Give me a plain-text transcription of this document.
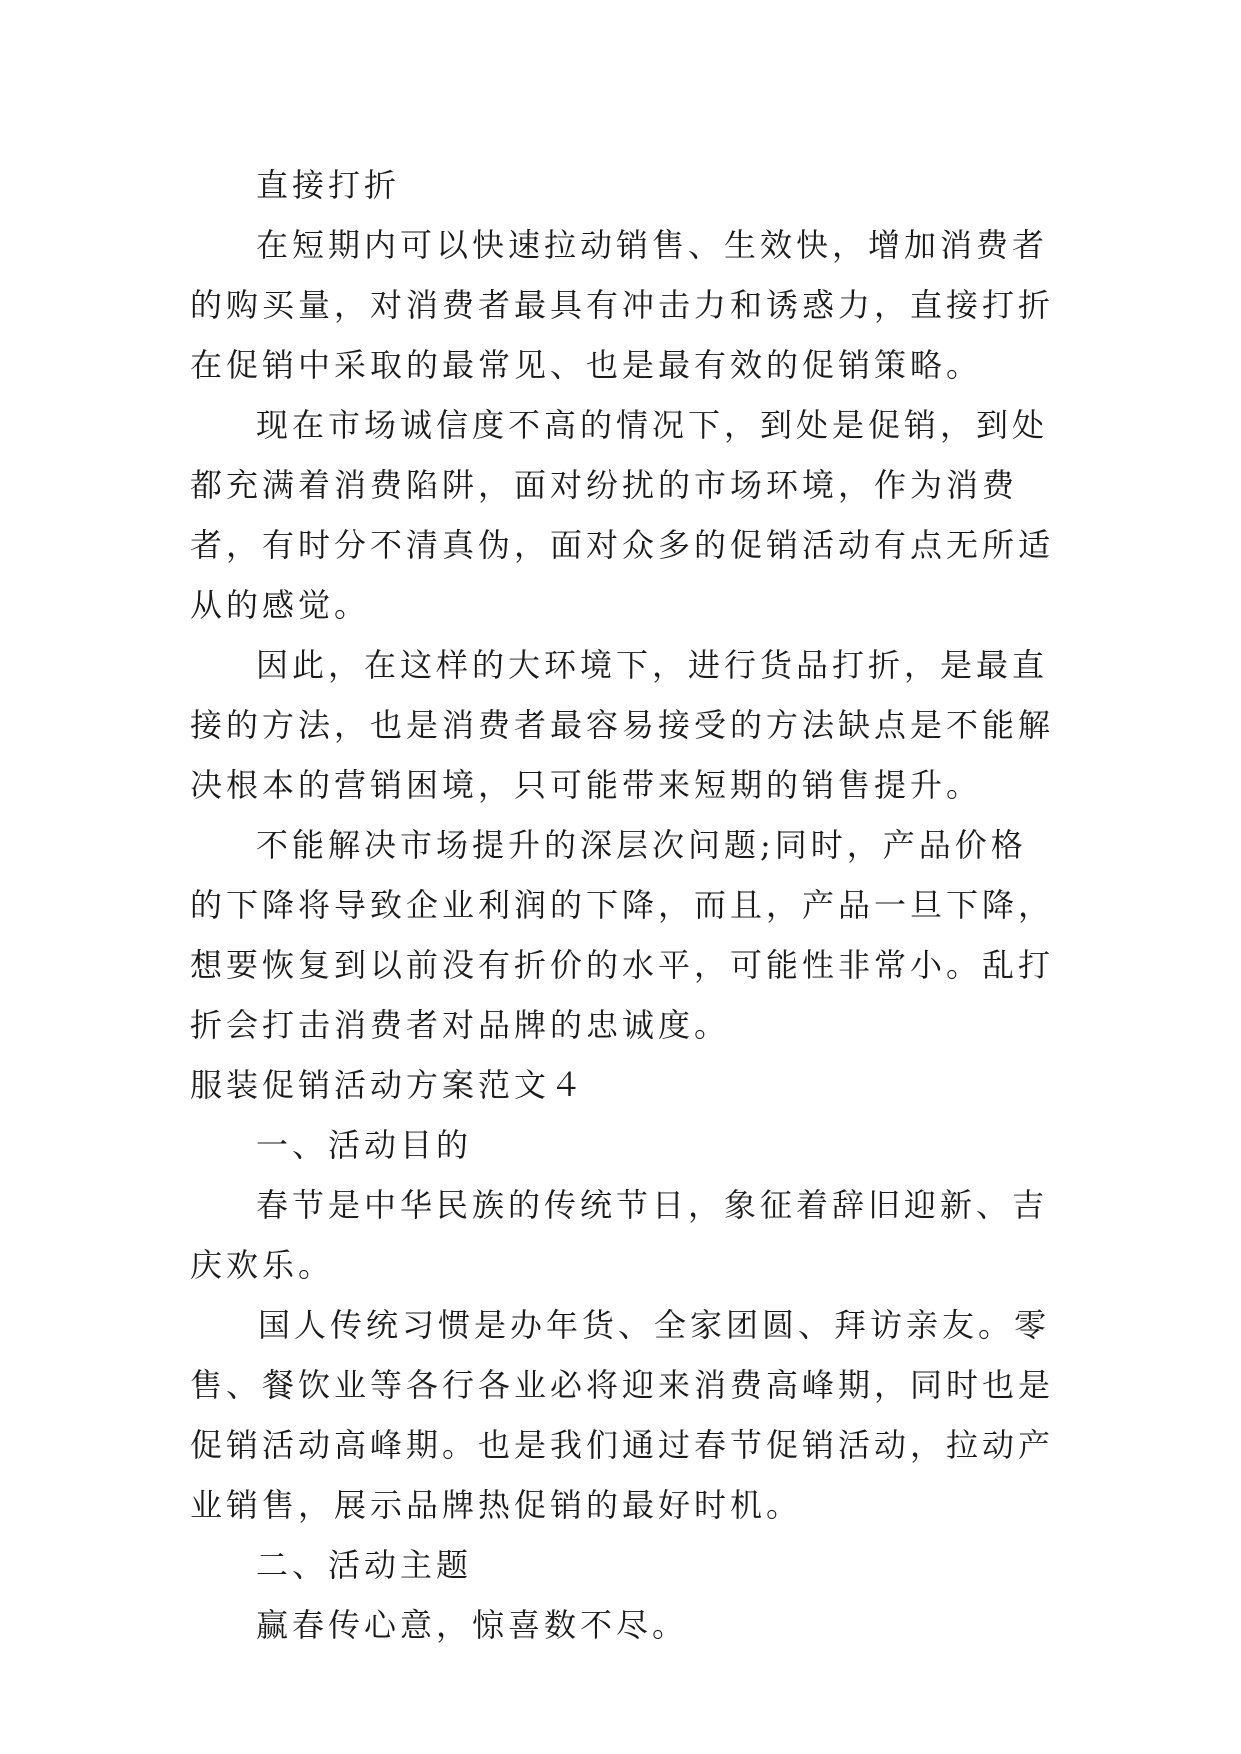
直接打折

在短期内可以快速拉动销售、生效快，增加消费者的购买量，对消费者最具有冲击力和诱惑力，直接打折在促销中采取的最常见、也是最有效的促销策略。

现在市场诚信度不高的情况下，到处是促销，到处都充满着消费陷阱，面对纷扰的市场环境，作为消费者，有时分不清真伪，面对众多的促销活动有点无所适从的感觉。

因此，在这样的大环境下，进行货品打折，是最直接的方法，也是消费者最容易接受的方法缺点是不能解决根本的营销困境，只可能带来短期的销售提升。

不能解决市场提升的深层次问题;同时，产品价格的下降将导致企业利润的下降，而且，产品一旦下降，想要恢复到以前没有折价的水平，可能性非常小。乱打折会打击消费者对品牌的忠诚度。

服装促销活动方案范文４

一、活动目的

春节是中华民族的传统节日，象征着辞旧迎新、吉庆欢乐。

国人传统习惯是办年货、全家团圆、拜访亲友。零售、餐饮业等各行各业必将迎来消费高峰期，同时也是促销活动高峰期。也是我们通过春节促销活动，拉动产业销售，展示品牌热促销的最好时机。

二、活动主题

赢春传心意，惊喜数不尽。
